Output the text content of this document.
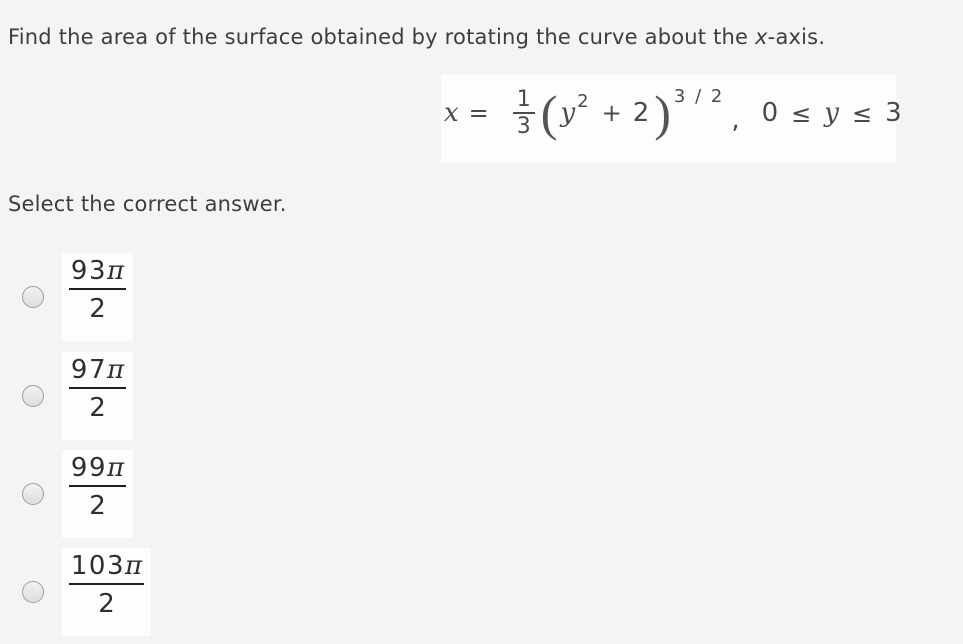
Find the area of the surface obtained by rotating the curve about the x-axis.
$x = \frac{1}{3}$ ( y 2 + 2 ) 3 / 2
, 0 ≤ y ≤ 3
Select the correct answer.
$\frac{93\pi}{2}$
$\frac{97\pi}{2}$
$\frac{99\pi}{2}$
$\frac{103\pi}{2}$
